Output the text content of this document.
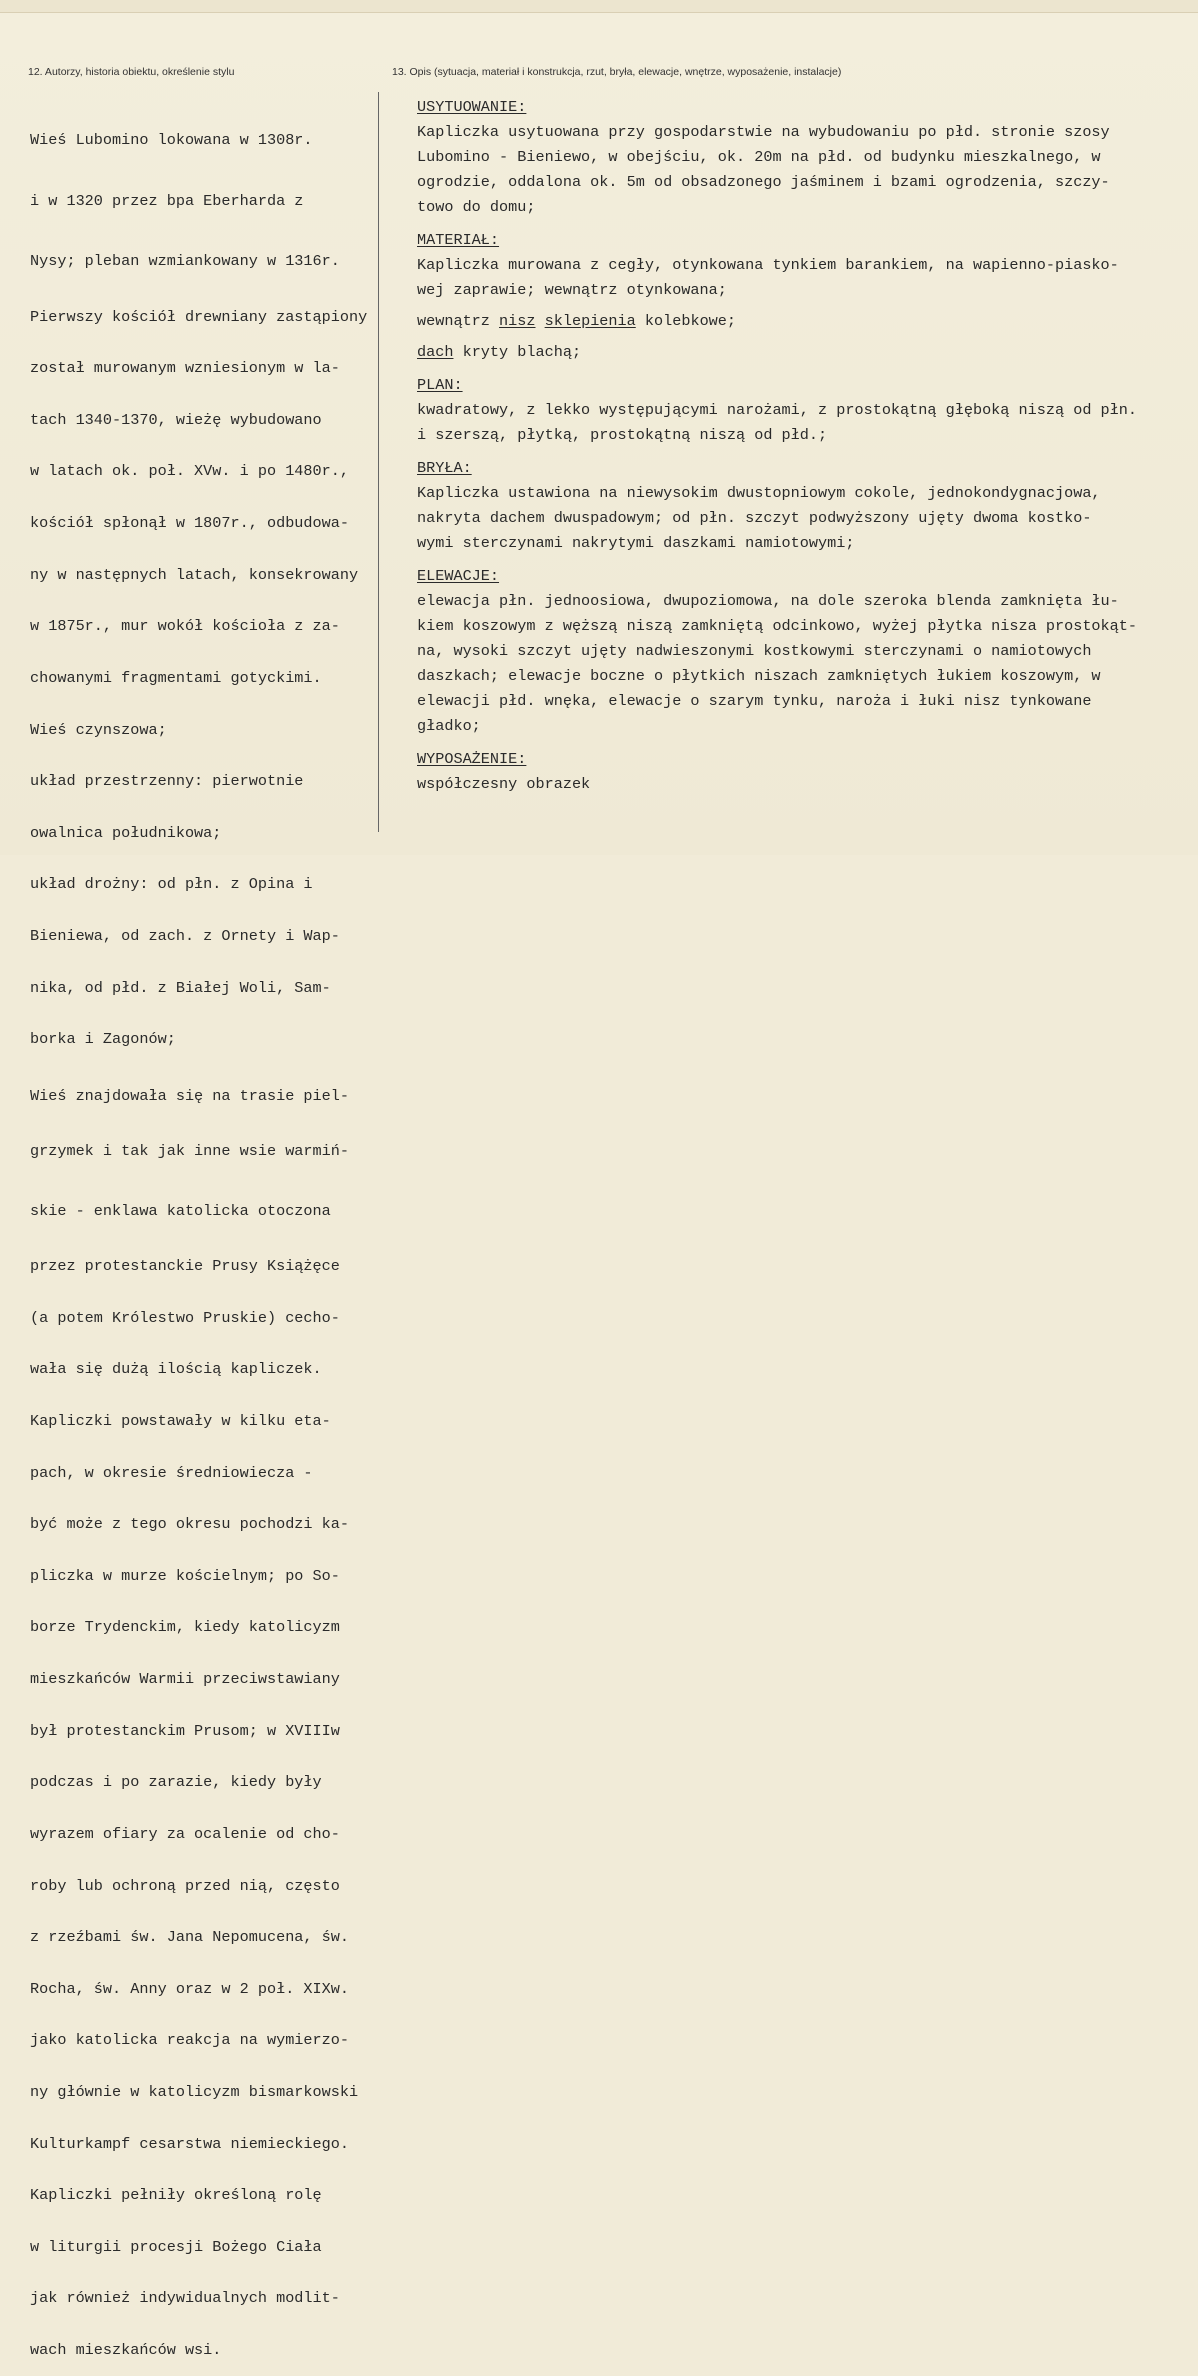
12. Autorzy, historia obiektu, określenie stylu	13. Opis (sytuacja, materiał i konstrukcja, rzut, bryła, elewacje, wnętrze, wyposażenie, instalacje)

Wieś Lubomino lokowana w 1308r.

i w 1320 przez bpa Eberharda z

Nysy; pleban wzmiankowany w 1316r.

Pierwszy kościół drewniany zastąpiony

został murowanym wzniesionym w la-

tach 1340-1370, wieżę wybudowano

w latach ok. poł. XVw. i po 1480r.,

kościół spłonął w 1807r., odbudowa-

ny w następnych latach, konsekrowany

w 1875r., mur wokół kościoła z za-

chowanymi fragmentami gotyckimi.

Wieś czynszowa;

układ przestrzenny: pierwotnie

owalnica południkowa;

układ drożny: od płn. z Opina i

Bieniewa, od zach. z Ornety i Wap-

nika, od płd. z Białej Woli, Sam-

borka i Zagonów;

Wieś znajdowała się na trasie piel-

grzymek i tak jak inne wsie warmiń-

skie - enklawa katolicka otoczona

przez protestanckie Prusy Książęce

(a potem Królestwo Pruskie) cecho-

wała się dużą ilością kapliczek.

Kapliczki powstawały w kilku eta-

pach, w okresie średniowiecza -

być może z tego okresu pochodzi ka-

pliczka w murze kościelnym; po So-

borze Trydenckim, kiedy katolicyzm

mieszkańców Warmii przeciwstawiany

był protestanckim Prusom; w XVIIIw

podczas i po zarazie, kiedy były

wyrazem ofiary za ocalenie od cho-

roby lub ochroną przed nią, często

z rzeźbami św. Jana Nepomucena, św.

Rocha, św. Anny oraz w 2 poł. XIXw.

jako katolicka reakcja na wymierzo-

ny głównie w katolicyzm bismarkowski

Kulturkampf cesarstwa niemieckiego.

Kapliczki pełniły określoną rolę

w liturgii procesji Bożego Ciała

jak również indywidualnych modlit-

wach mieszkańców wsi.

USYTUOWANIE:
Kapliczka usytuowana przy gospodarstwie na wybudowaniu po płd. stronie szosy
Lubomino - Bieniewo, w obejściu, ok. 20m na płd. od budynku mieszkalnego, w
ogrodzie, oddalona ok. 5m od obsadzonego jaśminem i bzami ogrodzenia, szczy-
towo do domu;
MATERIAŁ:
Kapliczka murowana z cegły, otynkowana tynkiem barankiem, na wapienno-piasko-
wej zaprawie; wewnątrz otynkowana;
wewnątrz nisz sklepienia kolebkowe;
dach kryty blachą;
PLAN:
kwadratowy, z lekko występującymi narożami, z prostokątną głęboką niszą od płn.
i szerszą, płytką, prostokątną niszą od płd.;
BRYŁA:
Kapliczka ustawiona na niewysokim dwustopniowym cokole, jednokondygnacjowa,
nakryta dachem dwuspadowym; od płn. szczyt podwyższony ujęty dwoma kostko-
wymi sterczynami nakrytymi daszkami namiotowymi;
ELEWACJE:
elewacja płn. jednoosiowa, dwupoziomowa, na dole szeroka blenda zamknięta łu-
kiem koszowym z węższą niszą zamkniętą odcinkowo, wyżej płytka nisza prostokąt-
na, wysoki szczyt ujęty nadwieszonymi kostkowymi sterczynami o namiotowych
daszkach; elewacje boczne o płytkich niszach zamkniętych łukiem koszowym, w
elewacji płd. wnęka, elewacje o szarym tynku, naroża i łuki nisz tynkowane
gładko;
WYPOSAŻENIE:
współczesny obrazek
